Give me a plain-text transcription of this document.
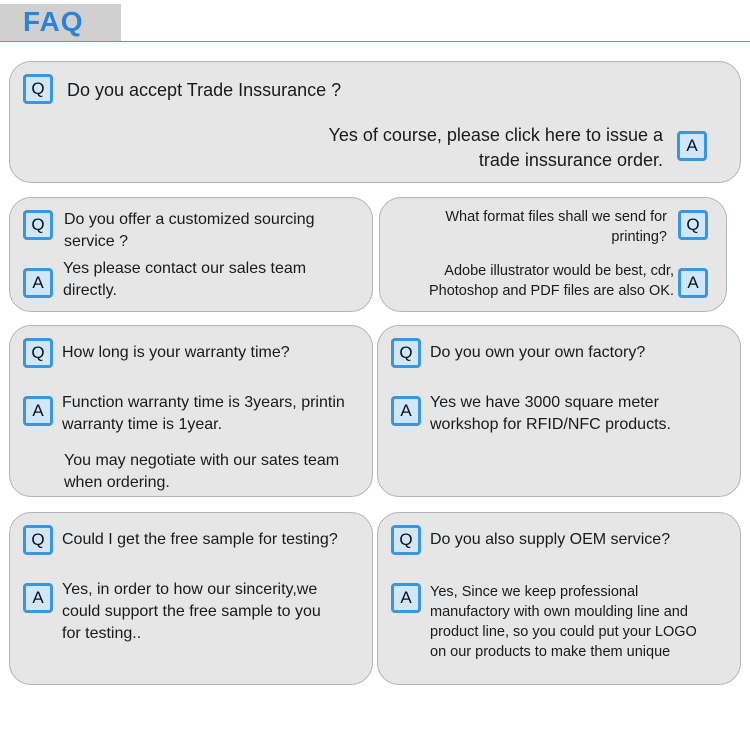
FAQ
Q	Do you accept Trade Inssurance ?
Yes of course, please click here to issue a
trade inssurance order.
A
Q	Do you offer a customized sourcing
service ?
A
Yes please contact our sales team
directly.
What format files shall we send for
printing?
Q
Adobe illustrator would be best, cdr,
Photoshop and PDF files are also OK. A
Q	How long is your warranty time?
A	Function warranty time is 3years, printin
warranty time is 1year.
You may negotiate with our sates team
when ordering.
Q	Do you own your own factory?
A	Yes we have 3000 square meter
workshop for RFID/NFC products.
Q	Could I get the free sample for testing?
A	Yes, in order to how our sincerity,we
could support the free sample to you
for testing..
Q	Do you also supply OEM service?
A	Yes, Since we keep professional
manufactory with own moulding line and
product line, so you could put your LOGO
on our products to make them unique
